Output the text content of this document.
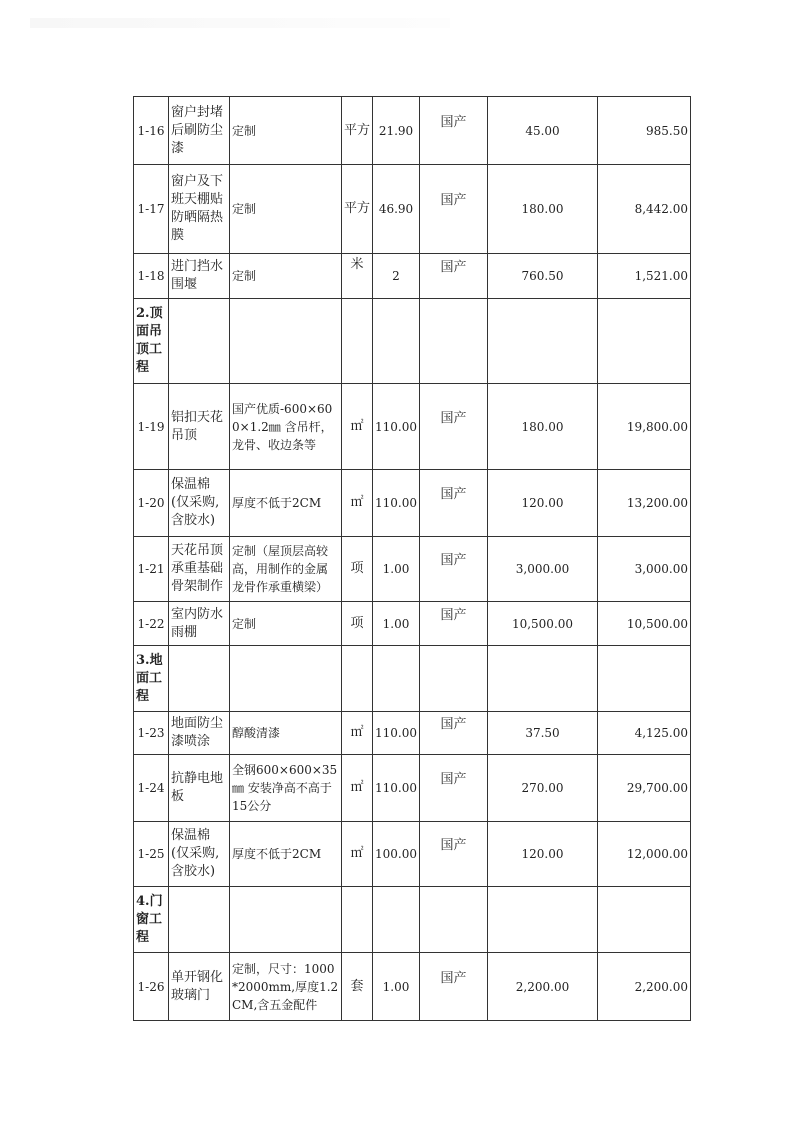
1-16	窗户封堵后刷防尘漆	定制	平方	21.90	国产	45.00	985.50
1-17	窗户及下班天棚贴防晒隔热膜	定制	平方	46.90	国产	180.00	8,442.00
1-18	进门挡水围堰	定制	米	2	国产	760.50	1,521.00
2.顶面吊顶工程							
1-19	铝扣天花吊顶	国产优质-600×600×1.2㎜ 含吊杆，龙骨、收边条等	㎡	110.00	国产	180.00	19,800.00
1-20	保温棉(仅采购,含胶水)	厚度不低于2CM	㎡	110.00	国产	120.00	13,200.00
1-21	天花吊顶承重基础骨架制作	定制（屋顶层高较高，用制作的金属龙骨作承重横梁）	项	1.00	国产	3,000.00	3,000.00
1-22	室内防水雨棚	定制	项	1.00	国产	10,500.00	10,500.00
3.地面工程							
1-23	地面防尘漆喷涂	醇酸清漆	㎡	110.00	国产	37.50	4,125.00
1-24	抗静电地板	全钢600×600×35㎜ 安装净高不高于15公分	㎡	110.00	国产	270.00	29,700.00
1-25	保温棉(仅采购,含胶水)	厚度不低于2CM	㎡	100.00	国产	120.00	12,000.00
4.门窗工程							
1-26	单开钢化玻璃门	定制，尺寸：1000*2000mm,厚度1.2CM,含五金配件	套	1.00	国产	2,200.00	2,200.00
